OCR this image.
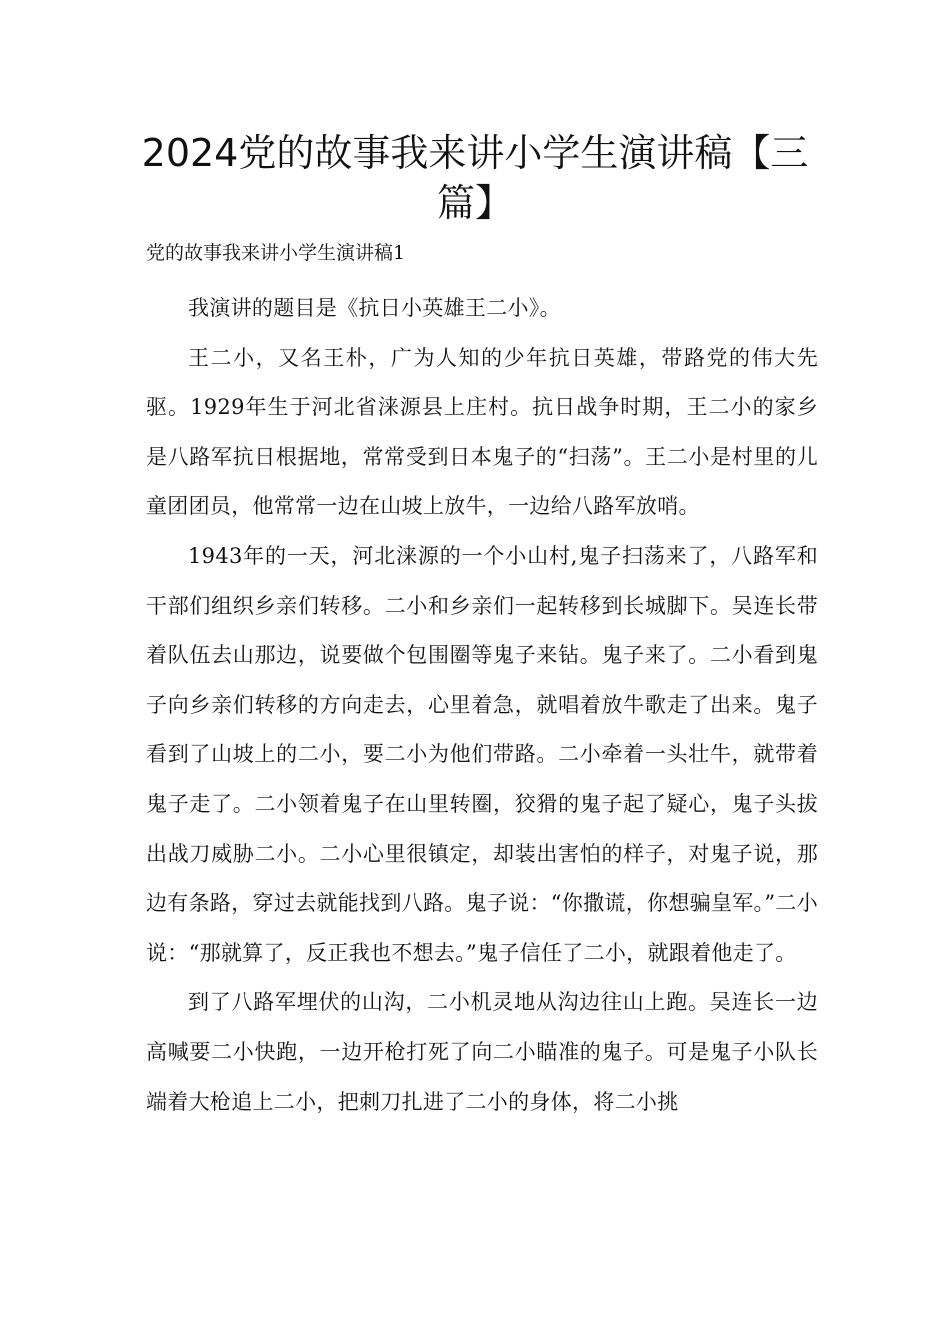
2024党的故事我来讲小学生演讲稿【三篇】

党的故事我来讲小学生演讲稿1

我演讲的题目是《抗日小英雄王二小》。

王二小，又名王朴，广为人知的少年抗日英雄，带路党的伟大先驱。1929年生于河北省涞源县上庄村。抗日战争时期，王二小的家乡是八路军抗日根据地，常常受到日本鬼子的“扫荡”。王二小是村里的儿童团团员，他常常一边在山坡上放牛，一边给八路军放哨。

1943年的一天，河北涞源的一个小山村,鬼子扫荡来了，八路军和干部们组织乡亲们转移。二小和乡亲们一起转移到长城脚下。吴连长带着队伍去山那边，说要做个包围圈等鬼子来钻。鬼子来了。二小看到鬼子向乡亲们转移的方向走去，心里着急，就唱着放牛歌走了出来。鬼子看到了山坡上的二小，要二小为他们带路。二小牵着一头壮牛，就带着鬼子走了。二小领着鬼子在山里转圈，狡猾的鬼子起了疑心，鬼子头拔出战刀威胁二小。二小心里很镇定，却装出害怕的样子，对鬼子说，那边有条路，穿过去就能找到八路。鬼子说：“你撒谎，你想骗皇军。”二小说：“那就算了，反正我也不想去。”鬼子信任了二小，就跟着他走了。

到了八路军埋伏的山沟，二小机灵地从沟边往山上跑。吴连长一边高喊要二小快跑，一边开枪打死了向二小瞄准的鬼子。可是鬼子小队长端着大枪追上二小，把刺刀扎进了二小的身体，将二小挑
